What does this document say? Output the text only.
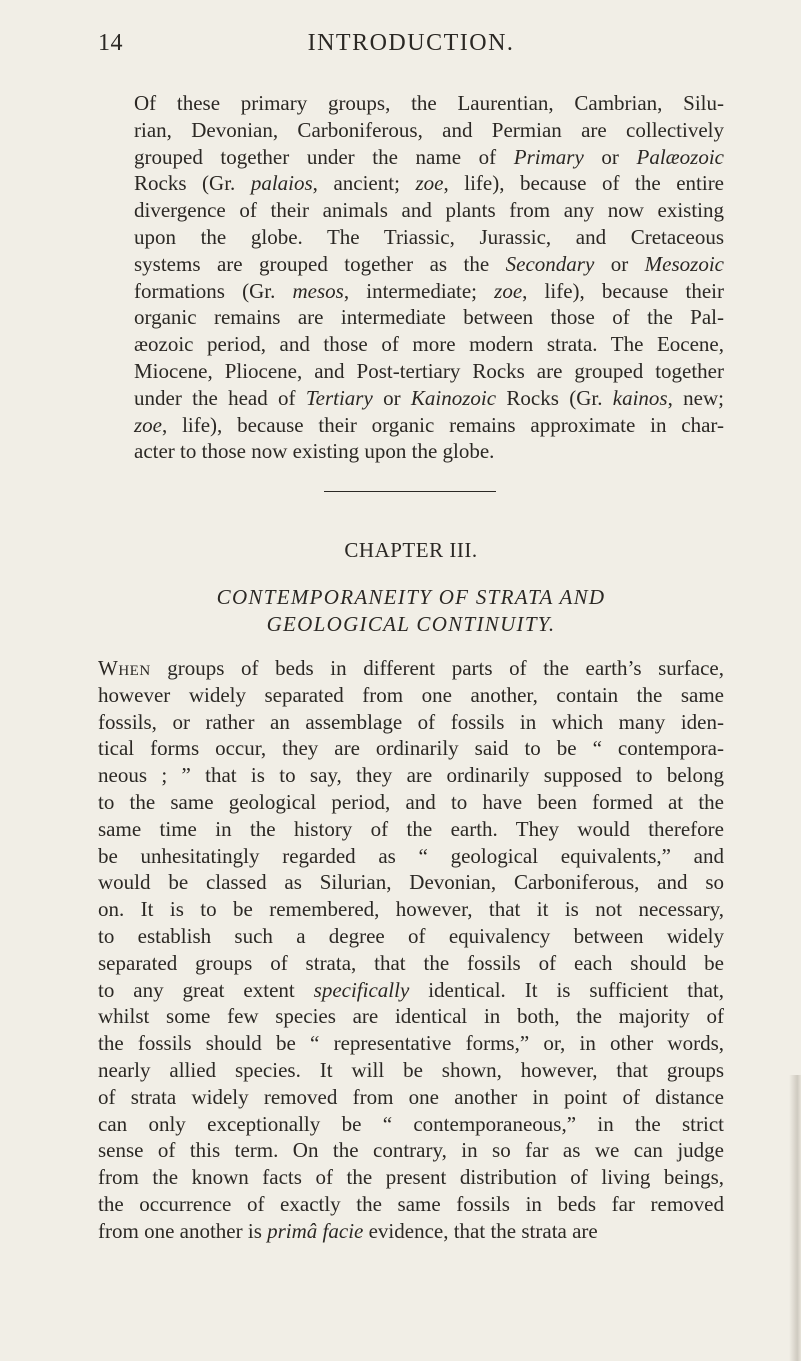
14	INTRODUCTION.

Of these primary groups, the Laurentian, Cambrian, Silu-
rian, Devonian, Carboniferous, and Permian are collectively
grouped together under the name of Primary or Palæozoic
Rocks (Gr. palaios, ancient; zoe, life), because of the entire
divergence of their animals and plants from any now existing
upon the globe. The Triassic, Jurassic, and Cretaceous
systems are grouped together as the Secondary or Mesozoic
formations (Gr. mesos, intermediate; zoe, life), because their
organic remains are intermediate between those of the Pal-
æozoic period, and those of more modern strata. The Eocene,
Miocene, Pliocene, and Post-tertiary Rocks are grouped together
under the head of Tertiary or Kainozoic Rocks (Gr. kainos, new;
zoe, life), because their organic remains approximate in char-
acter to those now existing upon the globe.

CHAPTER III.
CONTEMPORANEITY OF STRATA AND
GEOLOGICAL CONTINUITY.

When groups of beds in different parts of the earth’s surface,
however widely separated from one another, contain the same
fossils, or rather an assemblage of fossils in which many iden-
tical forms occur, they are ordinarily said to be “ contempora-
neous ; ” that is to say, they are ordinarily supposed to belong
to the same geological period, and to have been formed at the
same time in the history of the earth. They would therefore
be unhesitatingly regarded as “ geological equivalents,” and
would be classed as Silurian, Devonian, Carboniferous, and so
on. It is to be remembered, however, that it is not necessary,
to establish such a degree of equivalency between widely
separated groups of strata, that the fossils of each should be
to any great extent specifically identical. It is sufficient that,
whilst some few species are identical in both, the majority of
the fossils should be “ representative forms,” or, in other words,
nearly allied species. It will be shown, however, that groups
of strata widely removed from one another in point of distance
can only exceptionally be “ contemporaneous,” in the strict
sense of this term. On the contrary, in so far as we can judge
from the known facts of the present distribution of living beings,
the occurrence of exactly the same fossils in beds far removed
from one another is primâ facie evidence, that the strata are
